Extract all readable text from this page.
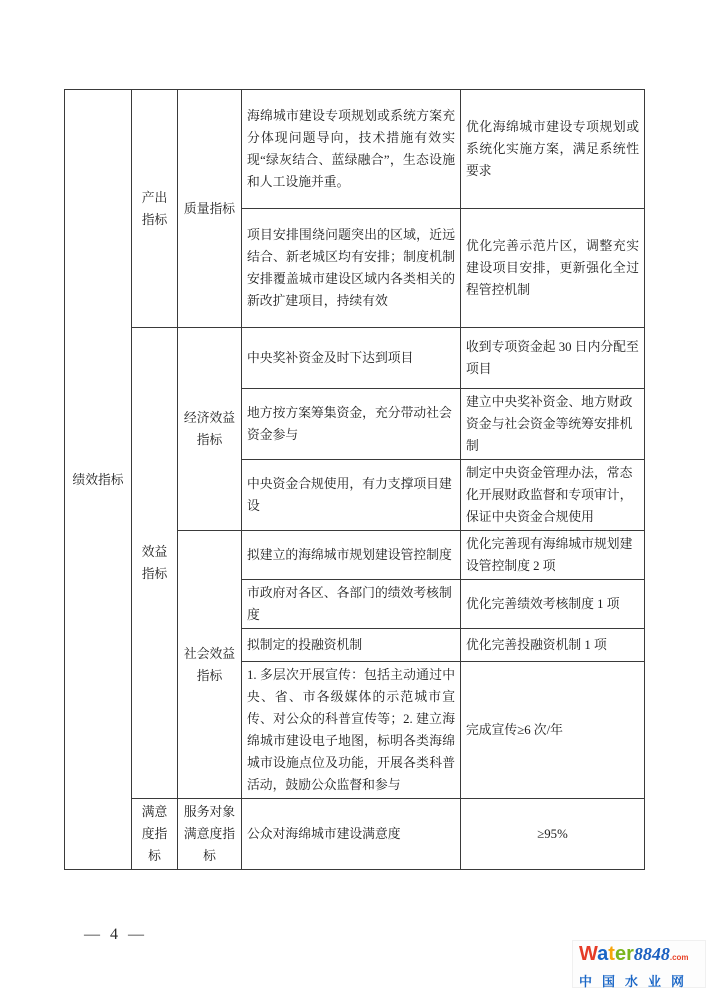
绩效指标	产出指标	质量指标	海绵城市建设专项规划或系统方案充分体现问题导向，技术措施有效实现“绿灰结合、蓝绿融合”，生态设施和人工设施并重。	优化海绵城市建设专项规划或系统化实施方案，满足系统性要求
			项目安排围绕问题突出的区域，近远结合、新老城区均有安排；制度机制安排覆盖城市建设区域内各类相关的新改扩建项目，持续有效	优化完善示范片区，调整充实建设项目安排，更新强化全过程管控机制
	效益指标	经济效益指标	中央奖补资金及时下达到项目	收到专项资金起 30 日内分配至项目
			地方按方案筹集资金，充分带动社会资金参与	建立中央奖补资金、地方财政资金与社会资金等统筹安排机制
			中央资金合规使用，有力支撑项目建设	制定中央资金管理办法，常态化开展财政监督和专项审计，保证中央资金合规使用
		社会效益指标	拟建立的海绵城市规划建设管控制度	优化完善现有海绵城市规划建设管控制度 2 项
			市政府对各区、各部门的绩效考核制度	优化完善绩效考核制度 1 项
			拟制定的投融资机制	优化完善投融资机制 1 项
			1. 多层次开展宣传：包括主动通过中央、省、市各级媒体的示范城市宣传、对公众的科普宣传等；2. 建立海绵城市建设电子地图，标明各类海绵城市设施点位及功能，开展各类科普活动，鼓励公众监督和参与	完成宣传≥6 次/年
	满意度指标	服务对象满意度指标	公众对海绵城市建设满意度	≥95%
— 4 —
Water8848.com
中国水业网
